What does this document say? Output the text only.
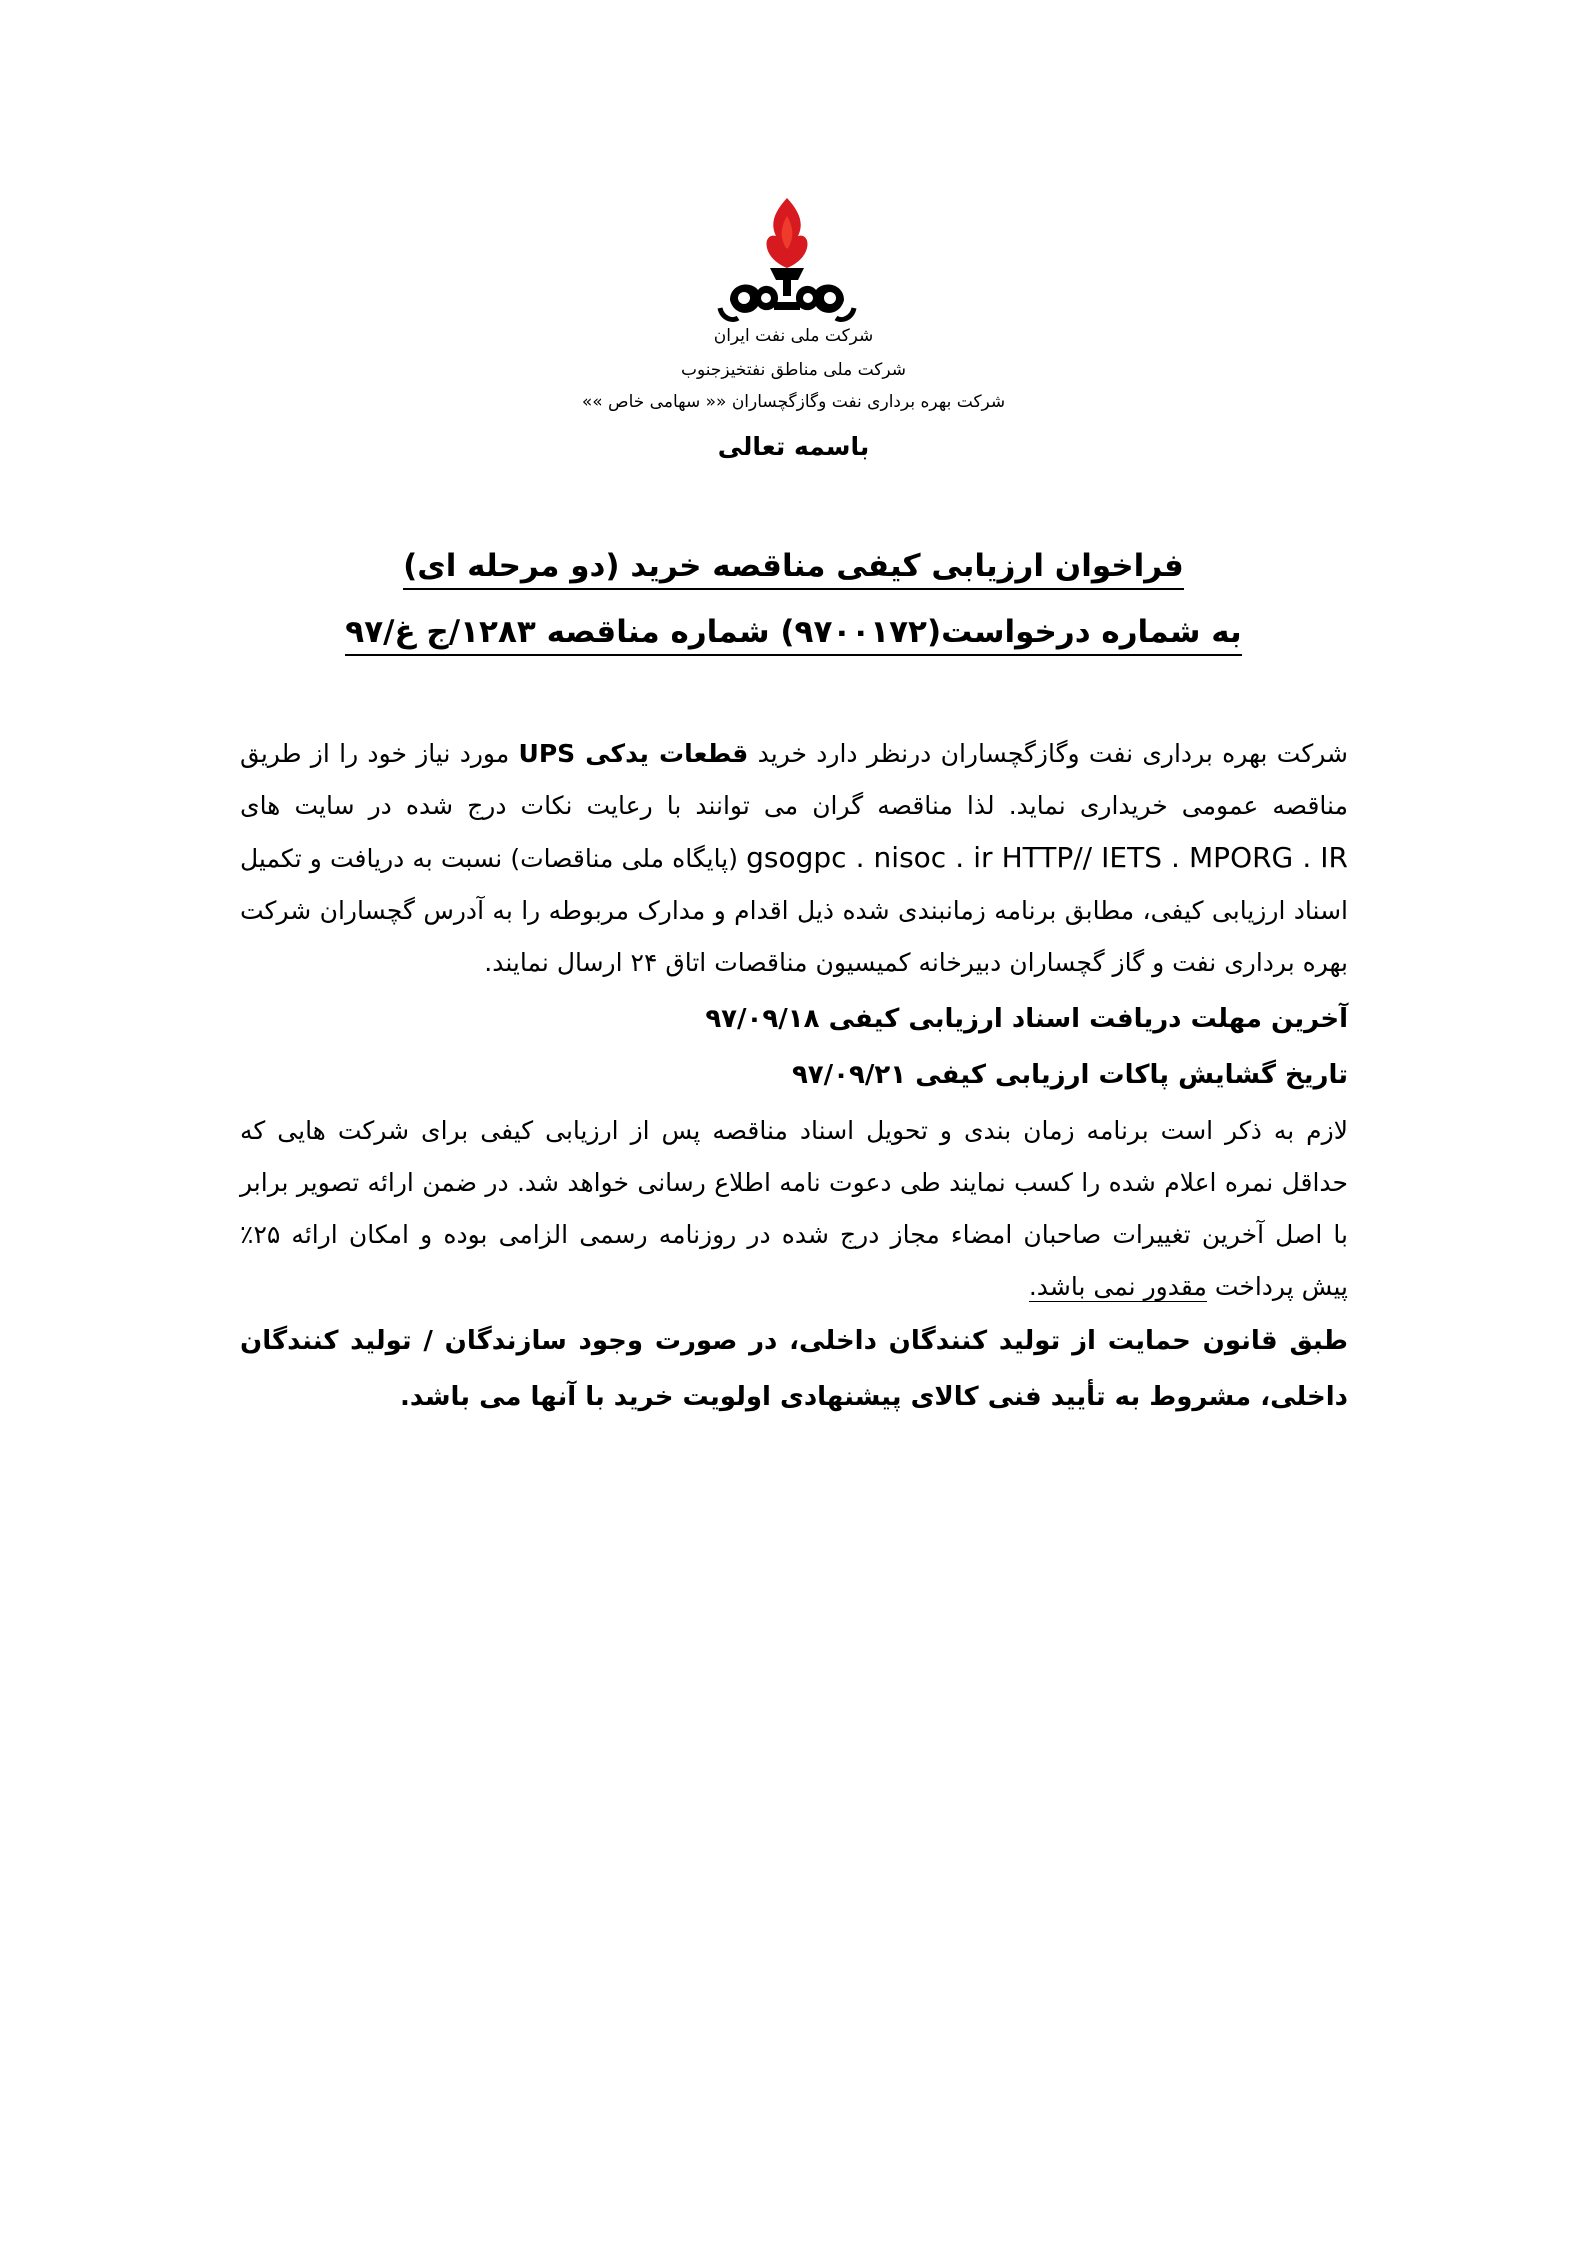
شرکت ملی نفت ایران
شرکت ملی مناطق نفتخیزجنوب
شرکت بهره برداری نفت وگازگچساران «« سهامی خاص »»
باسمه تعالی
فراخوان ارزیابی کیفی مناقصه خرید (دو مرحله ای)
به شماره درخواست(۹۷۰۰۱۷۲) شماره مناقصه ۱۲۸۳/ج غ/۹۷

شرکت بهره برداری نفت وگازگچساران درنظر دارد خرید قطعات یدکی UPS مورد نیاز خود را از طریق مناقصه عمومی خریداری نماید. لذا مناقصه گران می توانند با رعایت نکات درج شده در سایت های gsogpc . nisoc . ir HTTP// IETS . MPORG . IR (پایگاه ملی مناقصات) نسبت به دریافت و تکمیل اسناد ارزیابی کیفی، مطابق برنامه زمانبندی شده ذیل اقدام و مدارک مربوطه را به آدرس گچساران شرکت بهره برداری نفت و گاز گچساران دبیرخانه کمیسیون مناقصات اتاق ۲۴ ارسال نمایند.

آخرین مهلت دریافت اسناد ارزیابی کیفی ۹۷/۰۹/۱۸

تاریخ گشایش پاکات ارزیابی کیفی ۹۷/۰۹/۲۱

لازم به ذکر است برنامه زمان بندی و تحویل اسناد مناقصه پس از ارزیابی کیفی برای شرکت هایی که حداقل نمره اعلام شده را کسب نمایند طی دعوت نامه اطلاع رسانی خواهد شد. در ضمن ارائه تصویر برابر با اصل آخرین تغییرات صاحبان امضاء مجاز درج شده در روزنامه رسمی الزامی بوده و امکان ارائه ۲۵٪ پیش پرداخت مقدور نمی باشد.

طبق قانون حمایت از تولید کنندگان داخلی، در صورت وجود سازندگان / تولید کنندگان داخلی، مشروط به تأیید فنی کالای پیشنهادی اولویت خرید با آنها می باشد.
